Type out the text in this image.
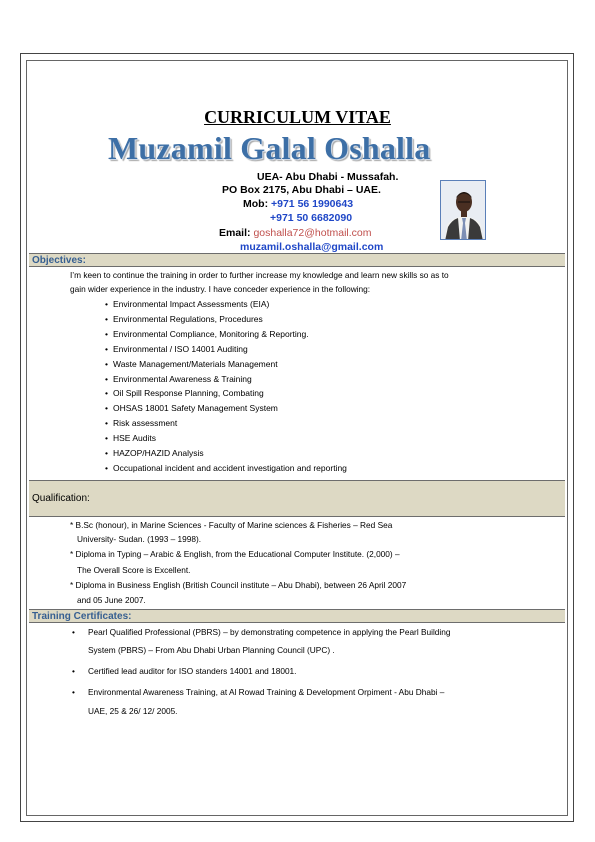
CURRICULUM VITAE
Muzamil Galal Oshalla
UEA- Abu Dhabi - Mussafah.
PO Box 2175, Abu Dhabi – UAE.
Mob: +971 56 1990643
+971 50 6682090
Email: goshalla72@hotmail.com
muzamil.oshalla@gmail.com
Objectives:
I’m keen to continue the training in order to further increase my knowledge and learn new skills so as to
gain wider experience in the industry. I have conceder experience in the following:
• Environmental Impact Assessments (EIA)
• Environmental Regulations, Procedures
• Environmental Compliance, Monitoring & Reporting.
• Environmental / ISO 14001 Auditing
• Waste Management/Materials Management
• Environmental Awareness & Training
• Oil Spill Response Planning, Combating
• OHSAS 18001 Safety Management System
• Risk assessment
• HSE Audits
• HAZOP/HAZID Analysis
• Occupational incident and accident investigation and reporting
Qualification:
* B.Sc (honour), in Marine Sciences - Faculty of Marine sciences & Fisheries – Red Sea
University- Sudan. (1993 – 1998).
* Diploma in Typing – Arabic & English, from the Educational Computer Institute. (2,000) –
The Overall Score is Excellent.
* Diploma in Business English (British Council institute – Abu Dhabi), between 26 April 2007
and 05 June 2007.
Training Certificates:
• Pearl Qualified Professional (PBRS) – by demonstrating competence in applying the Pearl Building
System (PBRS) – From Abu Dhabi Urban Planning Council (UPC) .
• Certified lead auditor for ISO standers 14001 and 18001.
• Environmental Awareness Training, at Al Rowad Training & Development Orpiment - Abu Dhabi –
UAE, 25 & 26/ 12/ 2005.
